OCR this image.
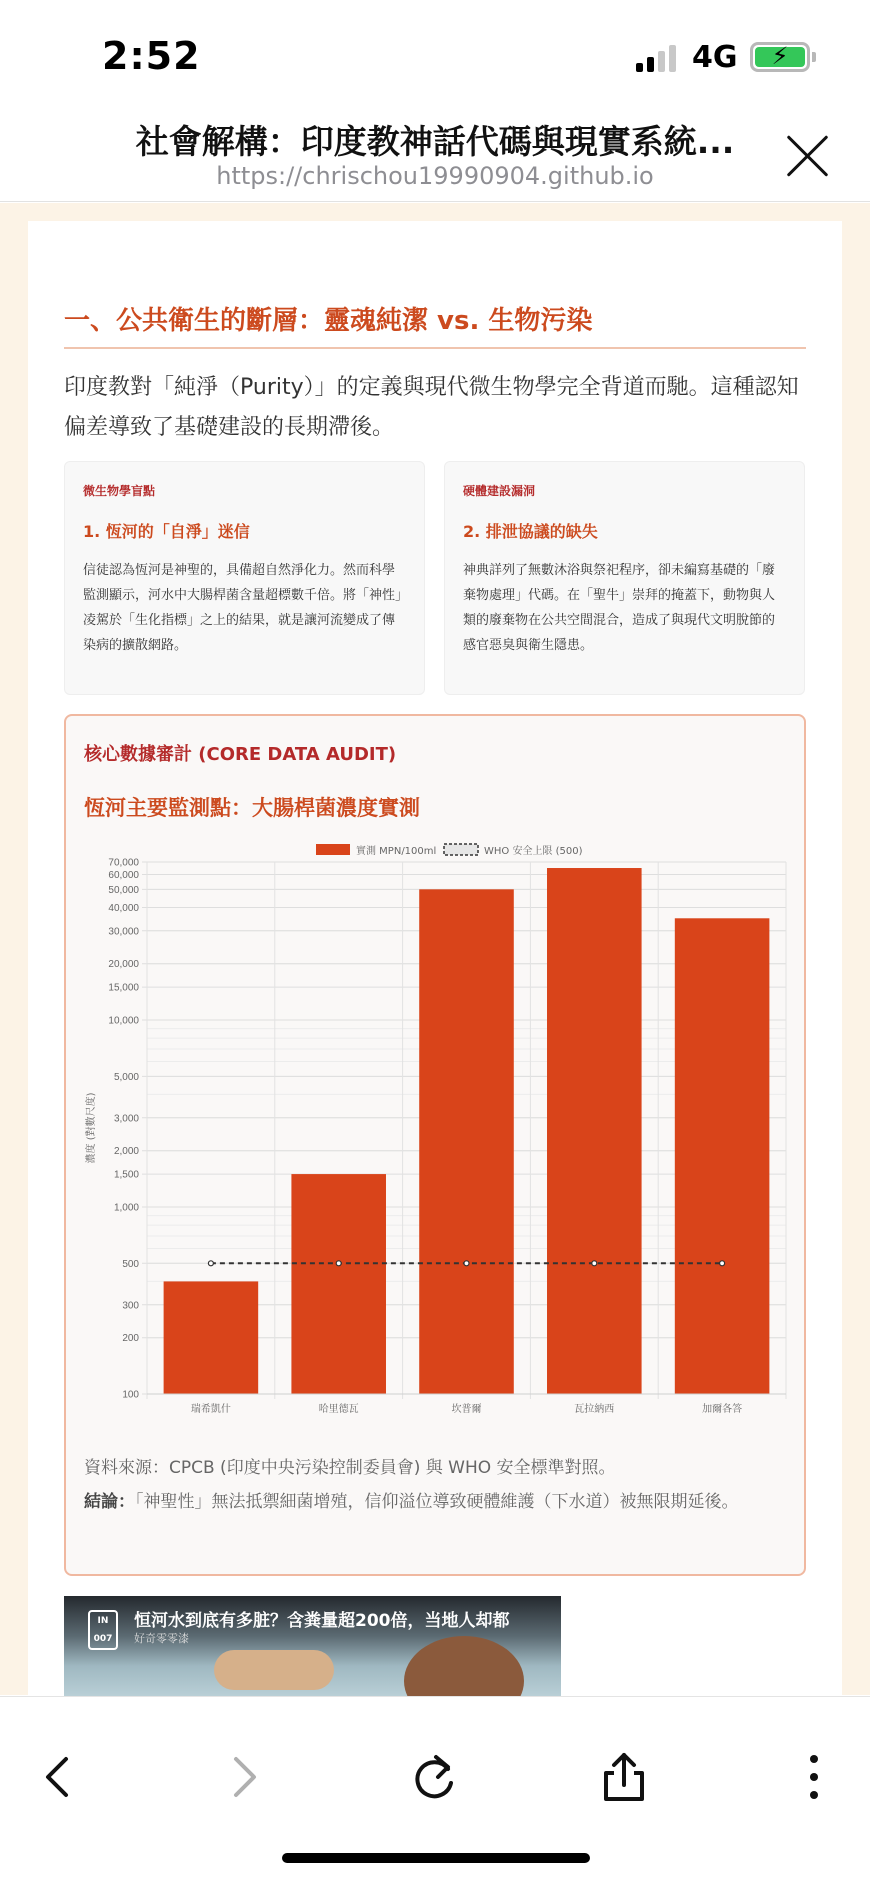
2:52	4G ⚡
社會解構：印度教神話代碼與現實系統...
https://chrischou19990904.github.io
一、公共衛生的斷層：靈魂純潔 vs. 生物污染
印度教對「純淨（Purity）」的定義與現代微生物學完全背道而馳。這種認知偏差導致了基礎建設的長期滯後。
微生物學盲點
1. 恆河的「自淨」迷信
信徒認為恆河是神聖的，具備超自然淨化力。然而科學監測顯示，河水中大腸桿菌含量超標數千倍。將「神性」凌駕於「生化指標」之上的結果，就是讓河流變成了傳染病的擴散網路。
硬體建設漏洞
2. 排泄協議的缺失
神典詳列了無數沐浴與祭祀程序，卻未編寫基礎的「廢棄物處理」代碼。在「聖牛」崇拜的掩蓋下，動物與人類的廢棄物在公共空間混合，造成了與現代文明脫節的感官惡臭與衛生隱患。
核心數據審計 (CORE DATA AUDIT)
恆河主要監測點：大腸桿菌濃度實測
100
200
300
500
1,000
1,500
2,000
3,000
5,000
10,000
15,000
20,000
30,000
40,000
50,000
60,000
70,000
瑞希凱什	哈里德瓦	坎普爾	瓦拉納西	加爾各答
濃度 (對數尺度)
實測 MPN/100ml	WHO 安全上限 (500)
資料來源：CPCB (印度中央污染控制委員會) 與 WHO 安全標準對照。
結論：「神聖性」無法抵禦細菌增殖，信仰溢位導致硬體維護（下水道）被無限期延後。
IN 007
恒河水到底有多脏？含粪量超200倍，当地人却都
好奇零零漆
